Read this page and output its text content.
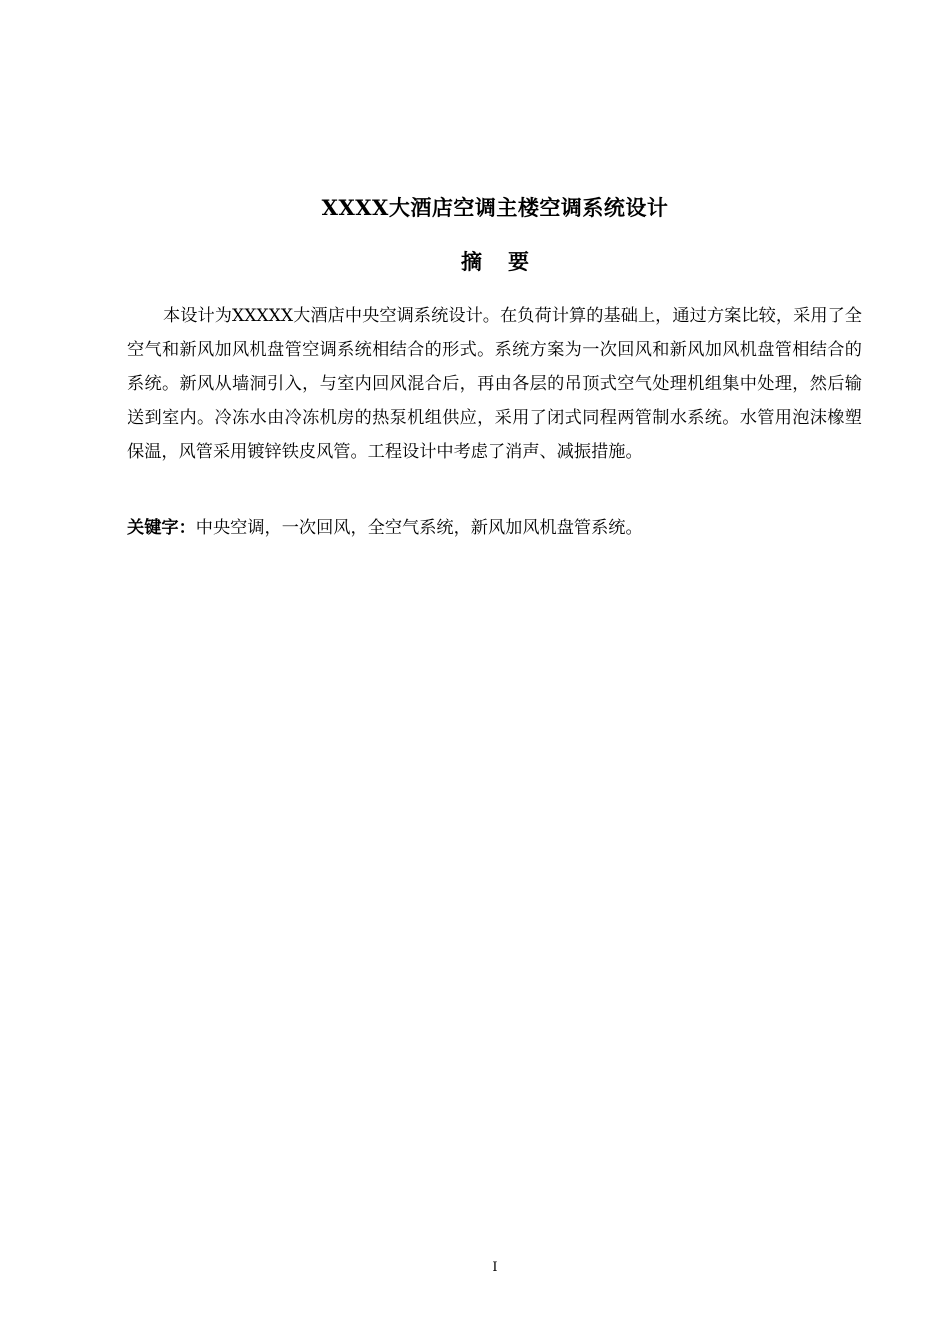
XXXX大酒店空调主楼空调系统设计
摘 要

本设计为XXXXX大酒店中央空调系统设计。在负荷计算的基础上，通过方案比较，采用了全空气和新风加风机盘管空调系统相结合的形式。系统方案为一次回风和新风加风机盘管相结合的系统。新风从墙洞引入，与室内回风混合后，再由各层的吊顶式空气处理机组集中处理，然后输送到室内。冷冻水由冷冻机房的热泵机组供应，采用了闭式同程两管制水系统。水管用泡沫橡塑保温，风管采用镀锌铁皮风管。工程设计中考虑了消声、减振措施。

关键字：中央空调，一次回风，全空气系统，新风加风机盘管系统。

I
